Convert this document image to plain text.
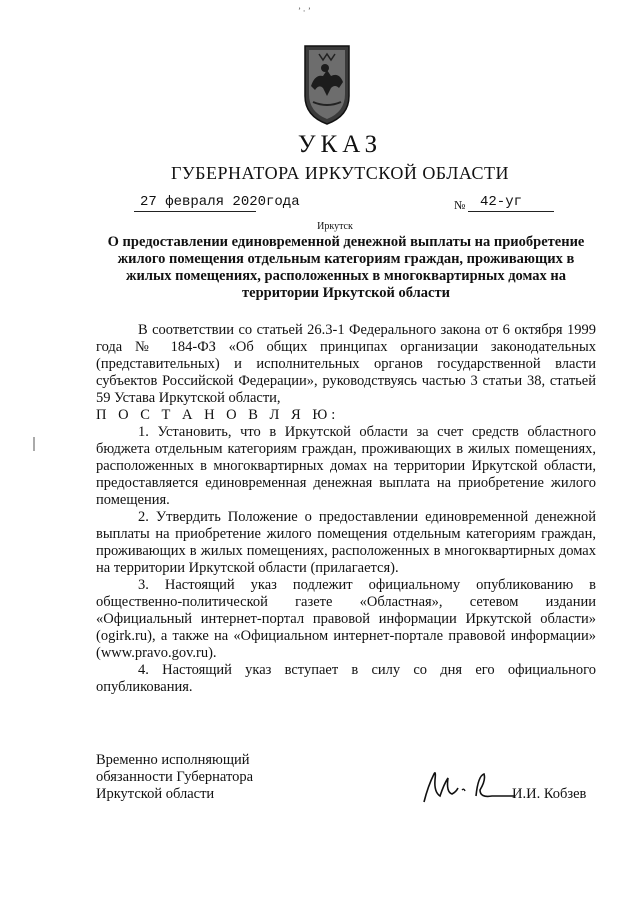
’ · ’
УКАЗ
ГУБЕРНАТОРА ИРКУТСКОЙ ОБЛАСТИ
27 февраля 2020 года	№ 42-уг
Иркутск
О предоставлении единовременной денежной выплаты на приобретение жилого помещения отдельным категориям граждан, проживающих в жилых помещениях, расположенных в многоквартирных домах на территории Иркутской области

В соответствии со статьей 26.3-1 Федерального закона от 6 октября 1999 года № 184-ФЗ «Об общих принципах организации законодательных (представительных) и исполнительных органов государственной власти субъектов Российской Федерации», руководствуясь частью 3 статьи 38, статьей 59 Устава Иркутской области,

П О С Т А Н О В Л Я Ю:

1. Установить, что в Иркутской области за счет средств областного бюджета отдельным категориям граждан, проживающих в жилых помещениях, расположенных в многоквартирных домах на территории Иркутской области, предоставляется единовременная денежная выплата на приобретение жилого помещения.

2. Утвердить Положение о предоставлении единовременной денежной выплаты на приобретение жилого помещения отдельным категориям граждан, проживающих в жилых помещениях, расположенных в многоквартирных домах на территории Иркутской области (прилагается).

3. Настоящий указ подлежит официальному опубликованию в общественно-политической газете «Областная», сетевом издании «Официальный интернет-портал правовой информации Иркутской области» (ogirk.ru), а также на «Официальном интернет-портале правовой информации» (www.pravo.gov.ru).

4. Настоящий указ вступает в силу со дня его официального опубликования.

Временно исполняющий
обязанности Губернатора
Иркутской области	И.И. Кобзев
